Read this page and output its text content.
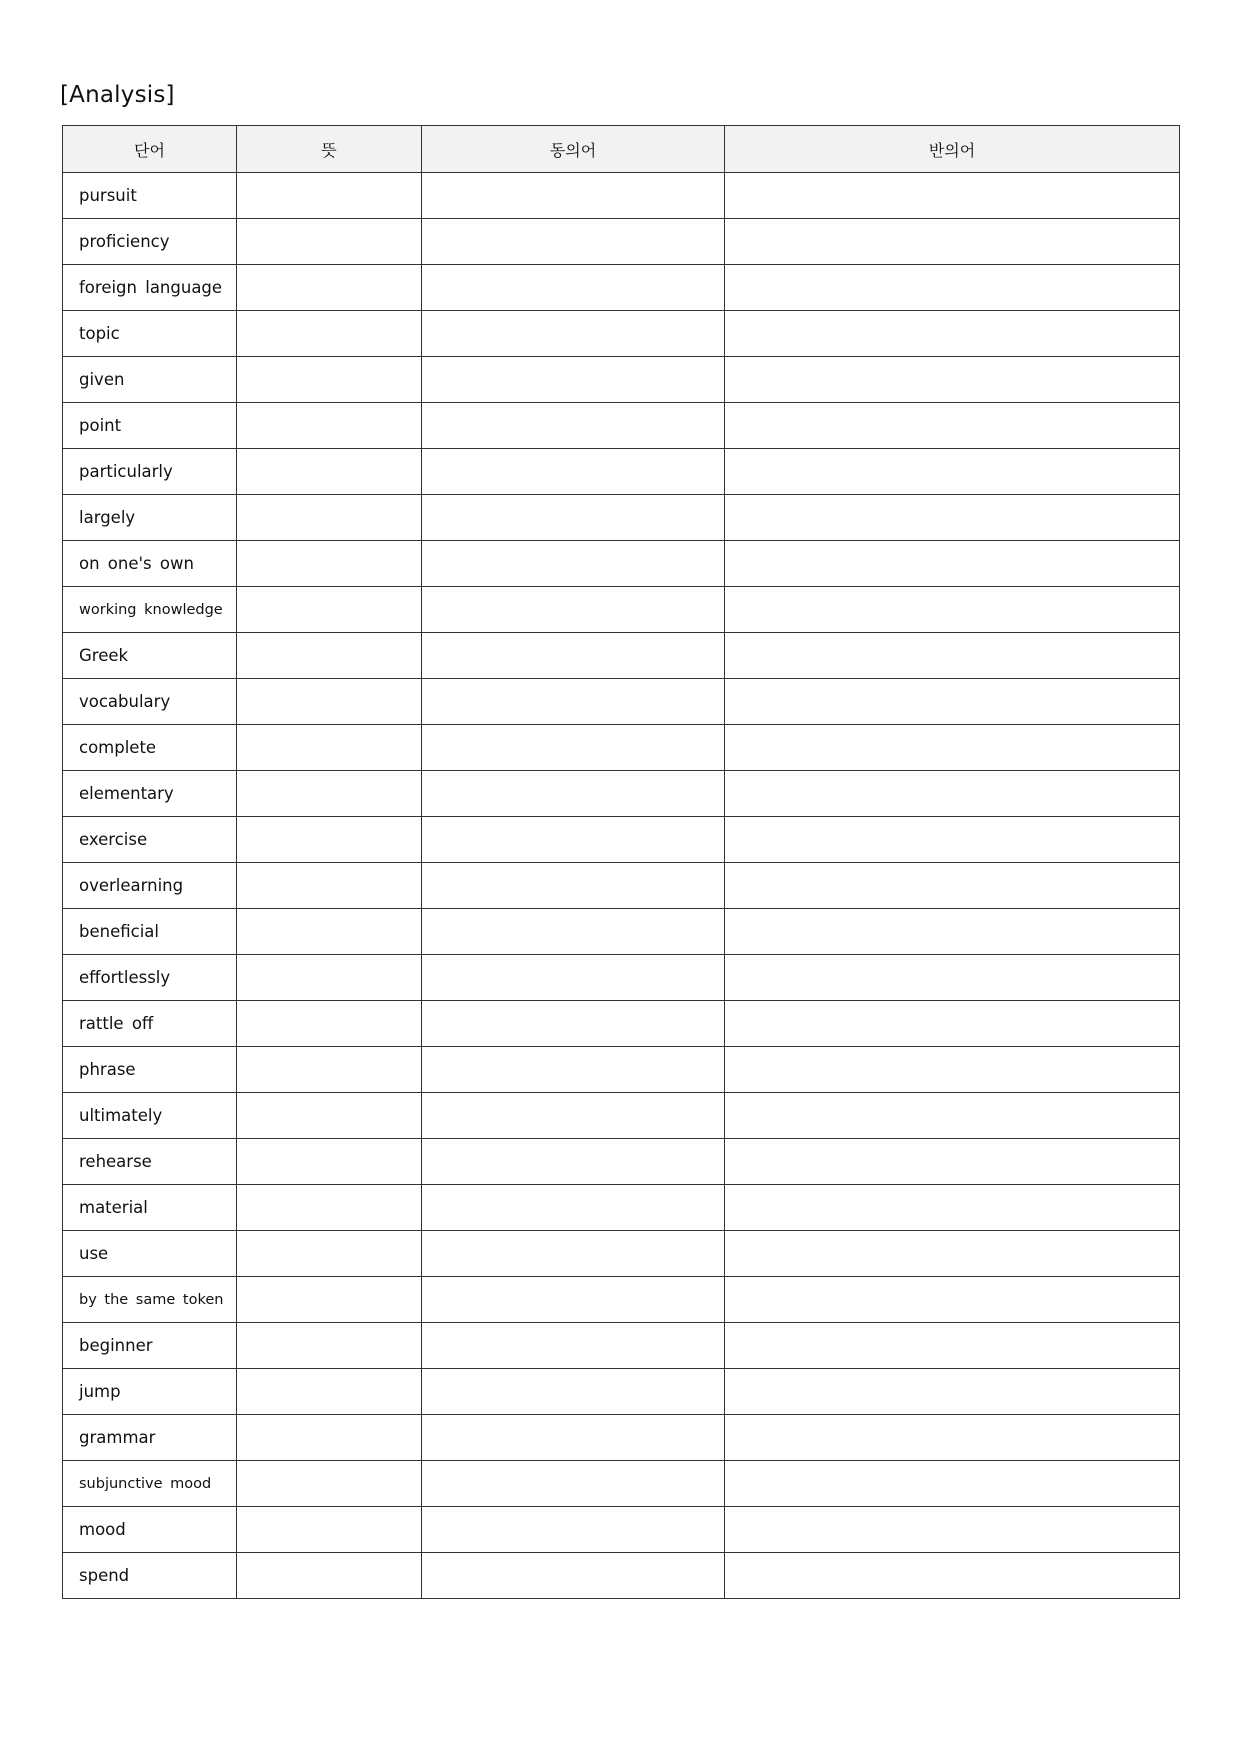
[Analysis]
단어	뜻	동의어	반의어
pursuit			
proficiency			
foreign language			
topic			
given			
point			
particularly			
largely			
on one's own			
working knowledge			
Greek			
vocabulary			
complete			
elementary			
exercise			
overlearning			
beneficial			
effortlessly			
rattle off			
phrase			
ultimately			
rehearse			
material			
use			
by the same token			
beginner			
jump			
grammar			
subjunctive mood			
mood			
spend			
